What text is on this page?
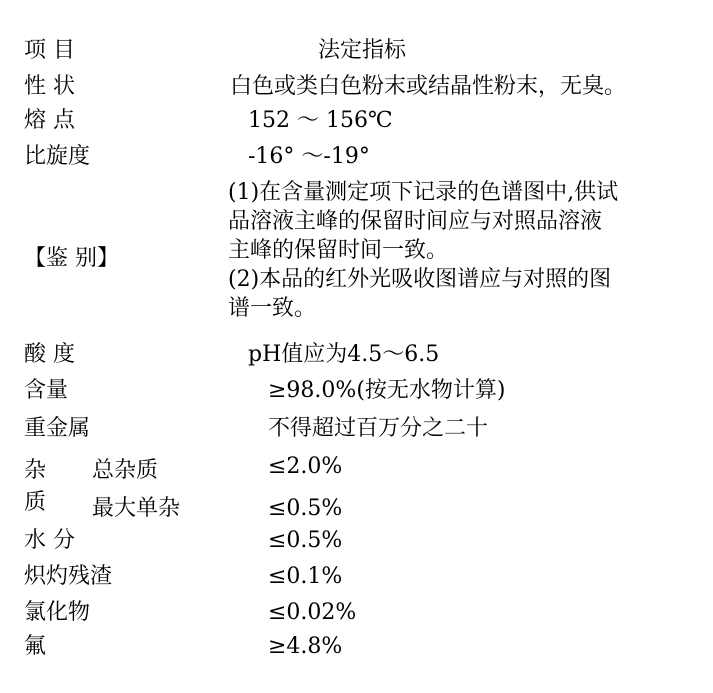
项 目	法定指标
性 状	白色或类白色粉末或结晶性粉末，无臭。
熔 点	152 ～ 156℃
比旋度	-16° ～-19°
【鉴 别】
(1)在含量测定项下记录的色谱图中,供试
品溶液主峰的保留时间应与对照品溶液
主峰的保留时间一致。
(2)本品的红外光吸收图谱应与对照的图
谱一致。
酸 度	pH值应为4.5～6.5
含量	≥98.0%(按无水物计算)
重金属	不得超过百万分之二十
杂 总杂质	≤2.0%
质 最大单杂	≤0.5%
水 分	≤0.5%
炽灼残渣	≤0.1%
氯化物	≤0.02%
氟	≥4.8%
